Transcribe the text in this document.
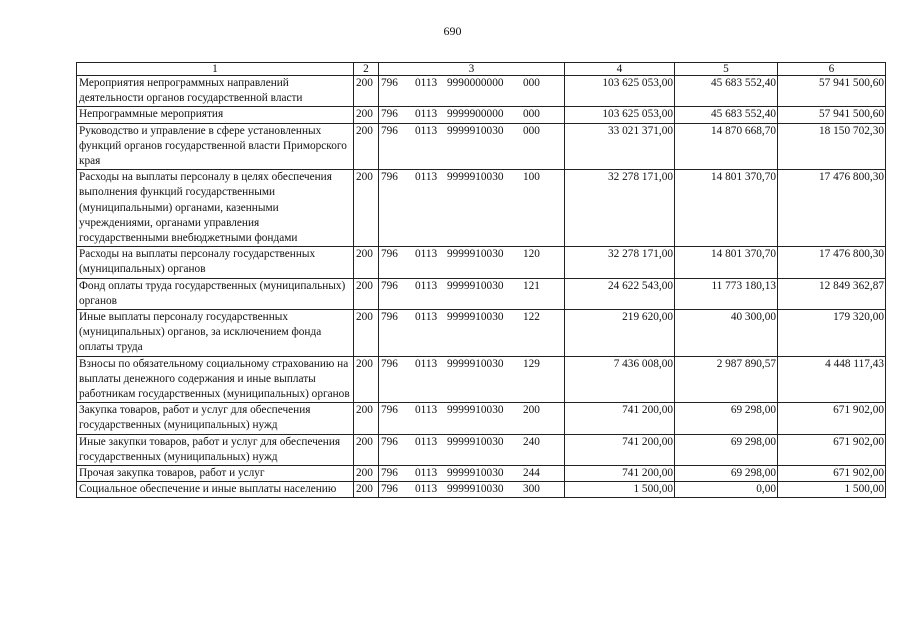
690
1	2	3	4	5	6
Мероприятия непрограммных направлений деятельности органов государственной власти	200	796 0113 9990000000 000	103 625 053,00	45 683 552,40	57 941 500,60
Непрограммные мероприятия	200	796 0113 9999900000 000	103 625 053,00	45 683 552,40	57 941 500,60
Руководство и управление в сфере установленных функций органов государственной власти Приморского края	200	796 0113 9999910030 000	33 021 371,00	14 870 668,70	18 150 702,30
Расходы на выплаты персоналу в целях обеспечения выполнения функций государственными (муниципальными) органами, казенными учреждениями, органами управления государственными внебюджетными фондами	200	796 0113 9999910030 100	32 278 171,00	14 801 370,70	17 476 800,30
Расходы на выплаты персоналу государственных (муниципальных) органов	200	796 0113 9999910030 120	32 278 171,00	14 801 370,70	17 476 800,30
Фонд оплаты труда государственных (муниципальных) органов	200	796 0113 9999910030 121	24 622 543,00	11 773 180,13	12 849 362,87
Иные выплаты персоналу государственных (муниципальных) органов, за исключением фонда оплаты труда	200	796 0113 9999910030 122	219 620,00	40 300,00	179 320,00
Взносы по обязательному социальному страхованию на выплаты денежного содержания и иные выплаты работникам государственных (муниципальных) органов	200	796 0113 9999910030 129	7 436 008,00	2 987 890,57	4 448 117,43
Закупка товаров, работ и услуг для обеспечения государственных (муниципальных) нужд	200	796 0113 9999910030 200	741 200,00	69 298,00	671 902,00
Иные закупки товаров, работ и услуг для обеспечения государственных (муниципальных) нужд	200	796 0113 9999910030 240	741 200,00	69 298,00	671 902,00
Прочая закупка товаров, работ и услуг	200	796 0113 9999910030 244	741 200,00	69 298,00	671 902,00
Социальное обеспечение и иные выплаты населению	200	796 0113 9999910030 300	1 500,00	0,00	1 500,00
